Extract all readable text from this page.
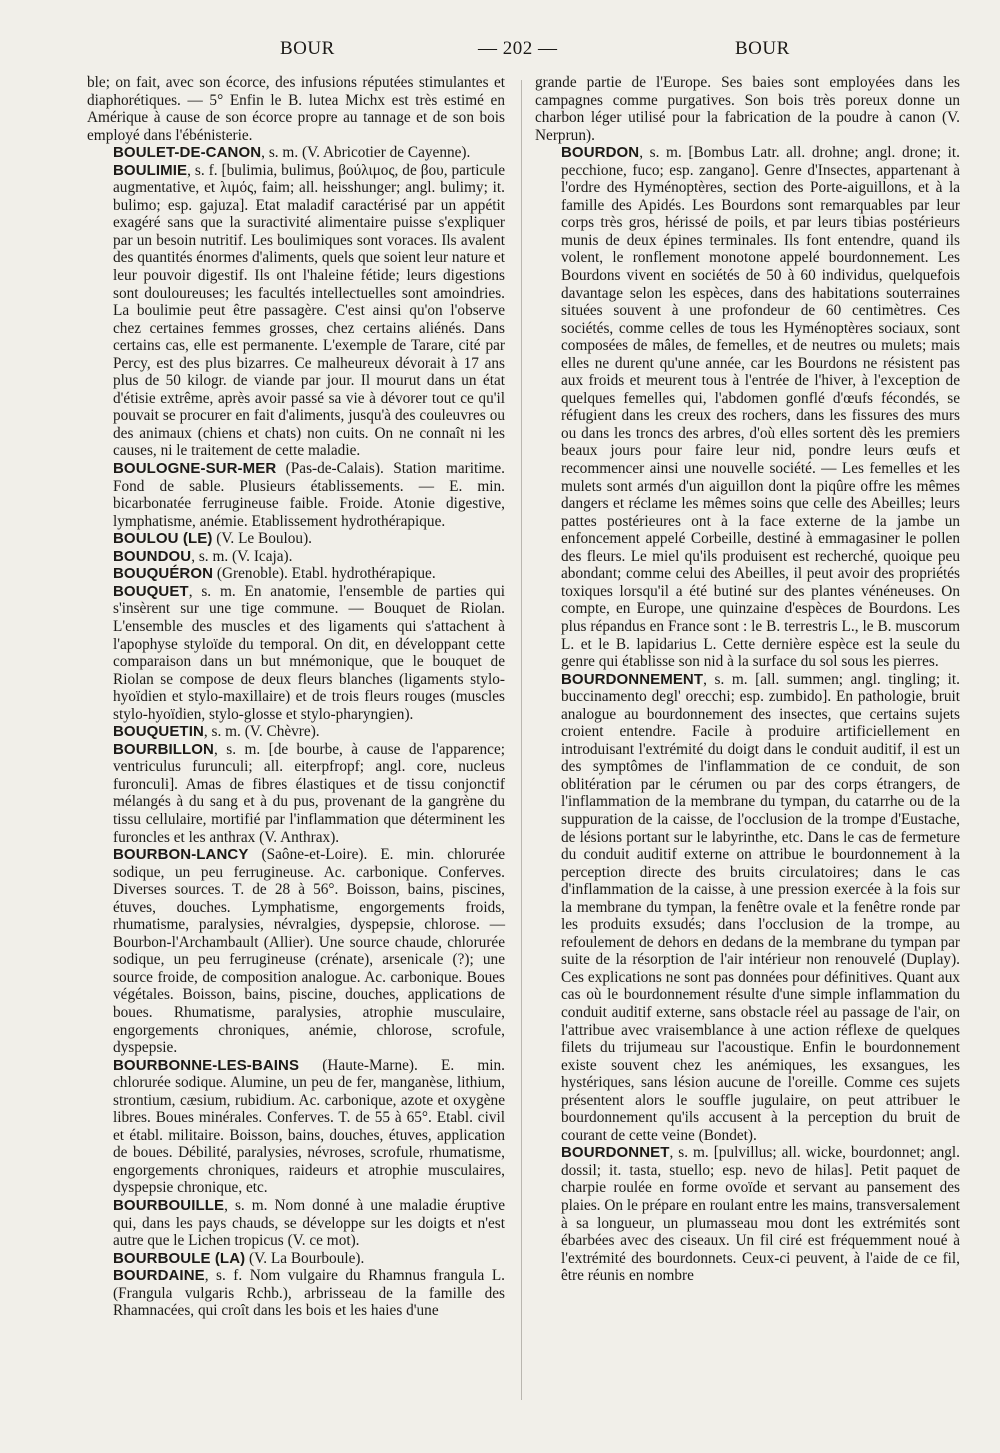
BOUR	— 202 —	BOUR

ble; on fait, avec son écorce, des infusions réputées stimulantes et diaphorétiques. — 5° Enfin le B. lutea Michx est très estimé en Amérique à cause de son écorce propre au tannage et de son bois employé dans l'ébénisterie.

BOULET-DE-CANON, s. m. (V. Abricotier de Cayenne).

BOULIMIE, s. f. [bulimia, bulimus, βούλιμος, de βου, particule augmentative, et λιμός, faim; all. heisshunger; angl. bulimy; it. bulimo; esp. gajuza]. Etat maladif caractérisé par un appétit exagéré sans que la suractivité alimentaire puisse s'expliquer par un besoin nutritif. Les boulimiques sont voraces. Ils avalent des quantités énormes d'aliments, quels que soient leur nature et leur pouvoir digestif. Ils ont l'haleine fétide; leurs digestions sont douloureuses; les facultés intellectuelles sont amoindries. La boulimie peut être passagère. C'est ainsi qu'on l'observe chez certaines femmes grosses, chez certains aliénés. Dans certains cas, elle est permanente. L'exemple de Tarare, cité par Percy, est des plus bizarres. Ce malheureux dévorait à 17 ans plus de 50 kilogr. de viande par jour. Il mourut dans un état d'étisie extrême, après avoir passé sa vie à dévorer tout ce qu'il pouvait se procurer en fait d'aliments, jusqu'à des couleuvres ou des animaux (chiens et chats) non cuits. On ne connaît ni les causes, ni le traitement de cette maladie.

BOULOGNE-SUR-MER (Pas-de-Calais). Station maritime. Fond de sable. Plusieurs établissements. — E. min. bicarbonatée ferrugineuse faible. Froide. Atonie digestive, lymphatisme, anémie. Etablissement hydrothérapique.

BOULOU (LE) (V. Le Boulou).

BOUNDOU, s. m. (V. Icaja).

BOUQUÉRON (Grenoble). Etabl. hydrothérapique.

BOUQUET, s. m. En anatomie, l'ensemble de parties qui s'insèrent sur une tige commune. — Bouquet de Riolan. L'ensemble des muscles et des ligaments qui s'attachent à l'apophyse styloïde du temporal. On dit, en développant cette comparaison dans un but mnémonique, que le bouquet de Riolan se compose de deux fleurs blanches (ligaments stylo-hyoïdien et stylo-maxillaire) et de trois fleurs rouges (muscles stylo-hyoïdien, stylo-glosse et stylo-pharyngien).

BOUQUETIN, s. m. (V. Chèvre).

BOURBILLON, s. m. [de bourbe, à cause de l'apparence; ventriculus furunculi; all. eiterpfropf; angl. core, nucleus furonculi]. Amas de fibres élastiques et de tissu conjonctif mélangés à du sang et à du pus, provenant de la gangrène du tissu cellulaire, mortifié par l'inflammation que déterminent les furoncles et les anthrax (V. Anthrax).

BOURBON-LANCY (Saône-et-Loire). E. min. chlorurée sodique, un peu ferrugineuse. Ac. carbonique. Conferves. Diverses sources. T. de 28 à 56°. Boisson, bains, piscines, étuves, douches. Lymphatisme, engorgements froids, rhumatisme, paralysies, névralgies, dyspepsie, chlorose. — Bourbon-l'Archambault (Allier). Une source chaude, chlorurée sodique, un peu ferrugineuse (crénate), arsenicale (?); une source froide, de composition analogue. Ac. carbonique. Boues végétales. Boisson, bains, piscine, douches, applications de boues. Rhumatisme, paralysies, atrophie musculaire, engorgements chroniques, anémie, chlorose, scrofule, dyspepsie.

BOURBONNE-LES-BAINS (Haute-Marne). E. min. chlorurée sodique. Alumine, un peu de fer, manganèse, lithium, strontium, cæsium, rubidium. Ac. carbonique, azote et oxygène libres. Boues minérales. Conferves. T. de 55 à 65°. Etabl. civil et établ. militaire. Boisson, bains, douches, étuves, application de boues. Débilité, paralysies, névroses, scrofule, rhumatisme, engorgements chroniques, raideurs et atrophie musculaires, dyspepsie chronique, etc.

BOURBOUILLE, s. m. Nom donné à une maladie éruptive qui, dans les pays chauds, se développe sur les doigts et n'est autre que le Lichen tropicus (V. ce mot).

BOURBOULE (LA) (V. La Bourboule).

BOURDAINE, s. f. Nom vulgaire du Rhamnus frangula L. (Frangula vulgaris Rchb.), arbrisseau de la famille des Rhamnacées, qui croît dans les bois et les haies d'une

grande partie de l'Europe. Ses baies sont employées dans les campagnes comme purgatives. Son bois très poreux donne un charbon léger utilisé pour la fabrication de la poudre à canon (V. Nerprun).

BOURDON, s. m. [Bombus Latr. all. drohne; angl. drone; it. pecchione, fuco; esp. zangano]. Genre d'Insectes, appartenant à l'ordre des Hyménoptères, section des Porte-aiguillons, et à la famille des Apidés. Les Bourdons sont remarquables par leur corps très gros, hérissé de poils, et par leurs tibias postérieurs munis de deux épines terminales. Ils font entendre, quand ils volent, le ronflement monotone appelé bourdonnement. Les Bourdons vivent en sociétés de 50 à 60 individus, quelquefois davantage selon les espèces, dans des habitations souterraines situées souvent à une profondeur de 60 centimètres. Ces sociétés, comme celles de tous les Hyménoptères sociaux, sont composées de mâles, de femelles, et de neutres ou mulets; mais elles ne durent qu'une année, car les Bourdons ne résistent pas aux froids et meurent tous à l'entrée de l'hiver, à l'exception de quelques femelles qui, l'abdomen gonflé d'œufs fécondés, se réfugient dans les creux des rochers, dans les fissures des murs ou dans les troncs des arbres, d'où elles sortent dès les premiers beaux jours pour faire leur nid, pondre leurs œufs et recommencer ainsi une nouvelle société. — Les femelles et les mulets sont armés d'un aiguillon dont la piqûre offre les mêmes dangers et réclame les mêmes soins que celle des Abeilles; leurs pattes postérieures ont à la face externe de la jambe un enfoncement appelé Corbeille, destiné à emmagasiner le pollen des fleurs. Le miel qu'ils produisent est recherché, quoique peu abondant; comme celui des Abeilles, il peut avoir des propriétés toxiques lorsqu'il a été butiné sur des plantes vénéneuses. On compte, en Europe, une quinzaine d'espèces de Bourdons. Les plus répandus en France sont : le B. terrestris L., le B. muscorum L. et le B. lapidarius L. Cette dernière espèce est la seule du genre qui établisse son nid à la surface du sol sous les pierres.

BOURDONNEMENT, s. m. [all. summen; angl. tingling; it. buccinamento degl' orecchi; esp. zumbido]. En pathologie, bruit analogue au bourdonnement des insectes, que certains sujets croient entendre. Facile à produire artificiellement en introduisant l'extrémité du doigt dans le conduit auditif, il est un des symptômes de l'inflammation de ce conduit, de son oblitération par le cérumen ou par des corps étrangers, de l'inflammation de la membrane du tympan, du catarrhe ou de la suppuration de la caisse, de l'occlusion de la trompe d'Eustache, de lésions portant sur le labyrinthe, etc. Dans le cas de fermeture du conduit auditif externe on attribue le bourdonnement à la perception directe des bruits circulatoires; dans le cas d'inflammation de la caisse, à une pression exercée à la fois sur la membrane du tympan, la fenêtre ovale et la fenêtre ronde par les produits exsudés; dans l'occlusion de la trompe, au refoulement de dehors en dedans de la membrane du tympan par suite de la résorption de l'air intérieur non renouvelé (Duplay). Ces explications ne sont pas données pour définitives. Quant aux cas où le bourdonnement résulte d'une simple inflammation du conduit auditif externe, sans obstacle réel au passage de l'air, on l'attribue avec vraisemblance à une action réflexe de quelques filets du trijumeau sur l'acoustique. Enfin le bourdonnement existe souvent chez les anémiques, les exsangues, les hystériques, sans lésion aucune de l'oreille. Comme ces sujets présentent alors le souffle jugulaire, on peut attribuer le bourdonnement qu'ils accusent à la perception du bruit de courant de cette veine (Bondet).

BOURDONNET, s. m. [pulvillus; all. wicke, bourdonnet; angl. dossil; it. tasta, stuello; esp. nevo de hilas]. Petit paquet de charpie roulée en forme ovoïde et servant au pansement des plaies. On le prépare en roulant entre les mains, transversalement à sa longueur, un plumasseau mou dont les extrémités sont ébarbées avec des ciseaux. Un fil ciré est fréquemment noué à l'extrémité des bourdonnets. Ceux-ci peuvent, à l'aide de ce fil, être réunis en nombre
